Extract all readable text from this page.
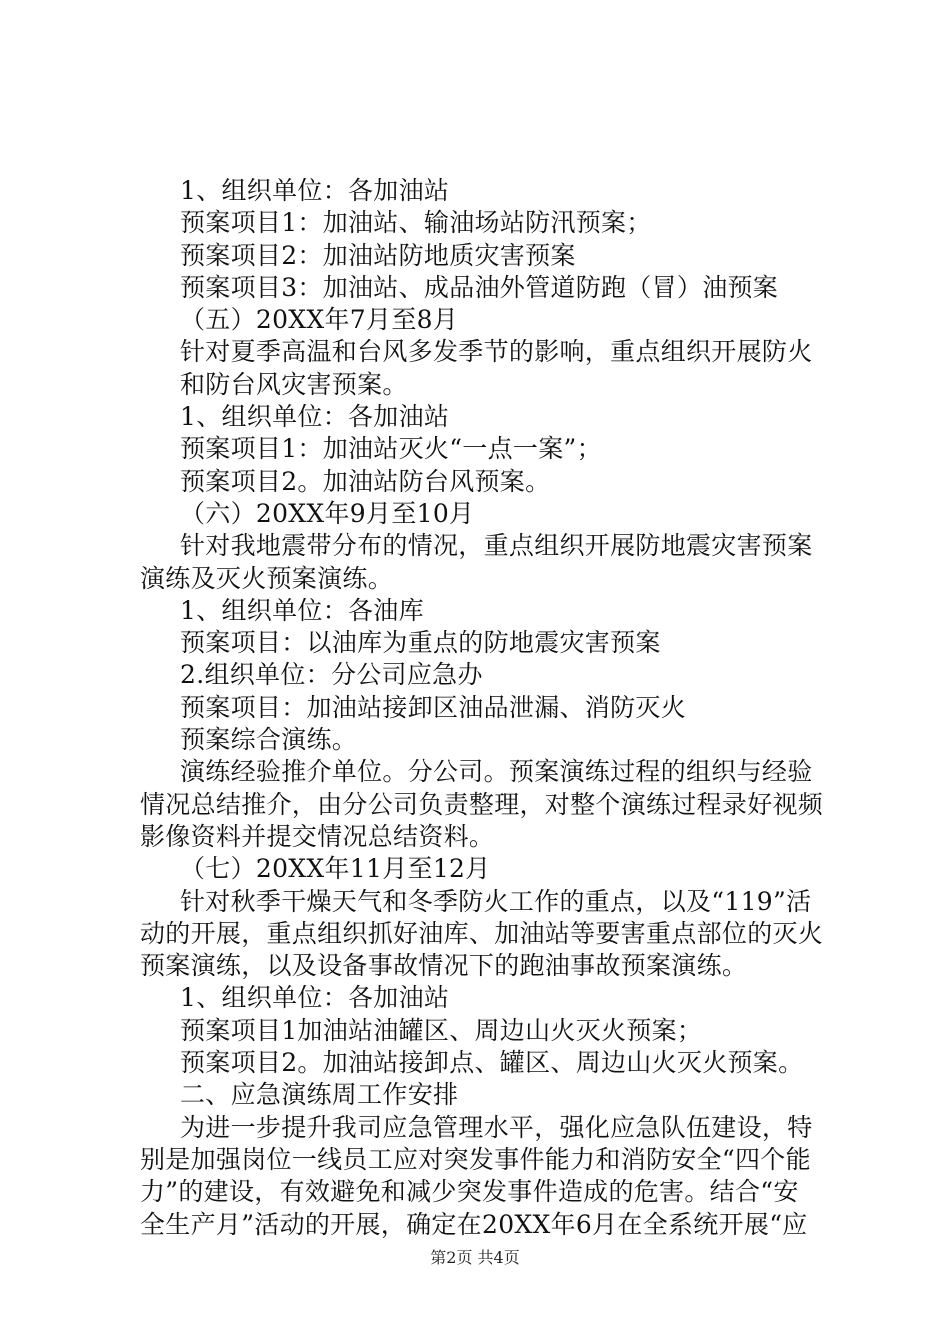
1、组织单位：各加油站
预案项目1：加油站、输油场站防汛预案；
预案项目2：加油站防地质灾害预案
预案项目3：加油站、成品油外管道防跑（冒）油预案
（五）20XX年7月至8月
针对夏季高温和台风多发季节的影响，重点组织开展防火
和防台风灾害预案。
1、组织单位：各加油站
预案项目1：加油站灭火“一点一案”；
预案项目2。加油站防台风预案。
（六）20XX年9月至10月
针对我地震带分布的情况，重点组织开展防地震灾害预案
演练及灭火预案演练。
1、组织单位：各油库
预案项目：以油库为重点的防地震灾害预案
2.组织单位：分公司应急办
预案项目：加油站接卸区油品泄漏、消防灭火
预案综合演练。
演练经验推介单位。分公司。预案演练过程的组织与经验
情况总结推介，由分公司负责整理，对整个演练过程录好视频
影像资料并提交情况总结资料。
（七）20XX年11月至12月
针对秋季干燥天气和冬季防火工作的重点，以及“119”活
动的开展，重点组织抓好油库、加油站等要害重点部位的灭火
预案演练，以及设备事故情况下的跑油事故预案演练。
1、组织单位：各加油站
预案项目1加油站油罐区、周边山火灭火预案；
预案项目2。加油站接卸点、罐区、周边山火灭火预案。
二、应急演练周工作安排
为进一步提升我司应急管理水平，强化应急队伍建设，特
别是加强岗位一线员工应对突发事件能力和消防安全“四个能
力”的建设，有效避免和减少突发事件造成的危害。结合“安
全生产月”活动的开展，确定在20XX年6月在全系统开展“应
第2页 共4页
